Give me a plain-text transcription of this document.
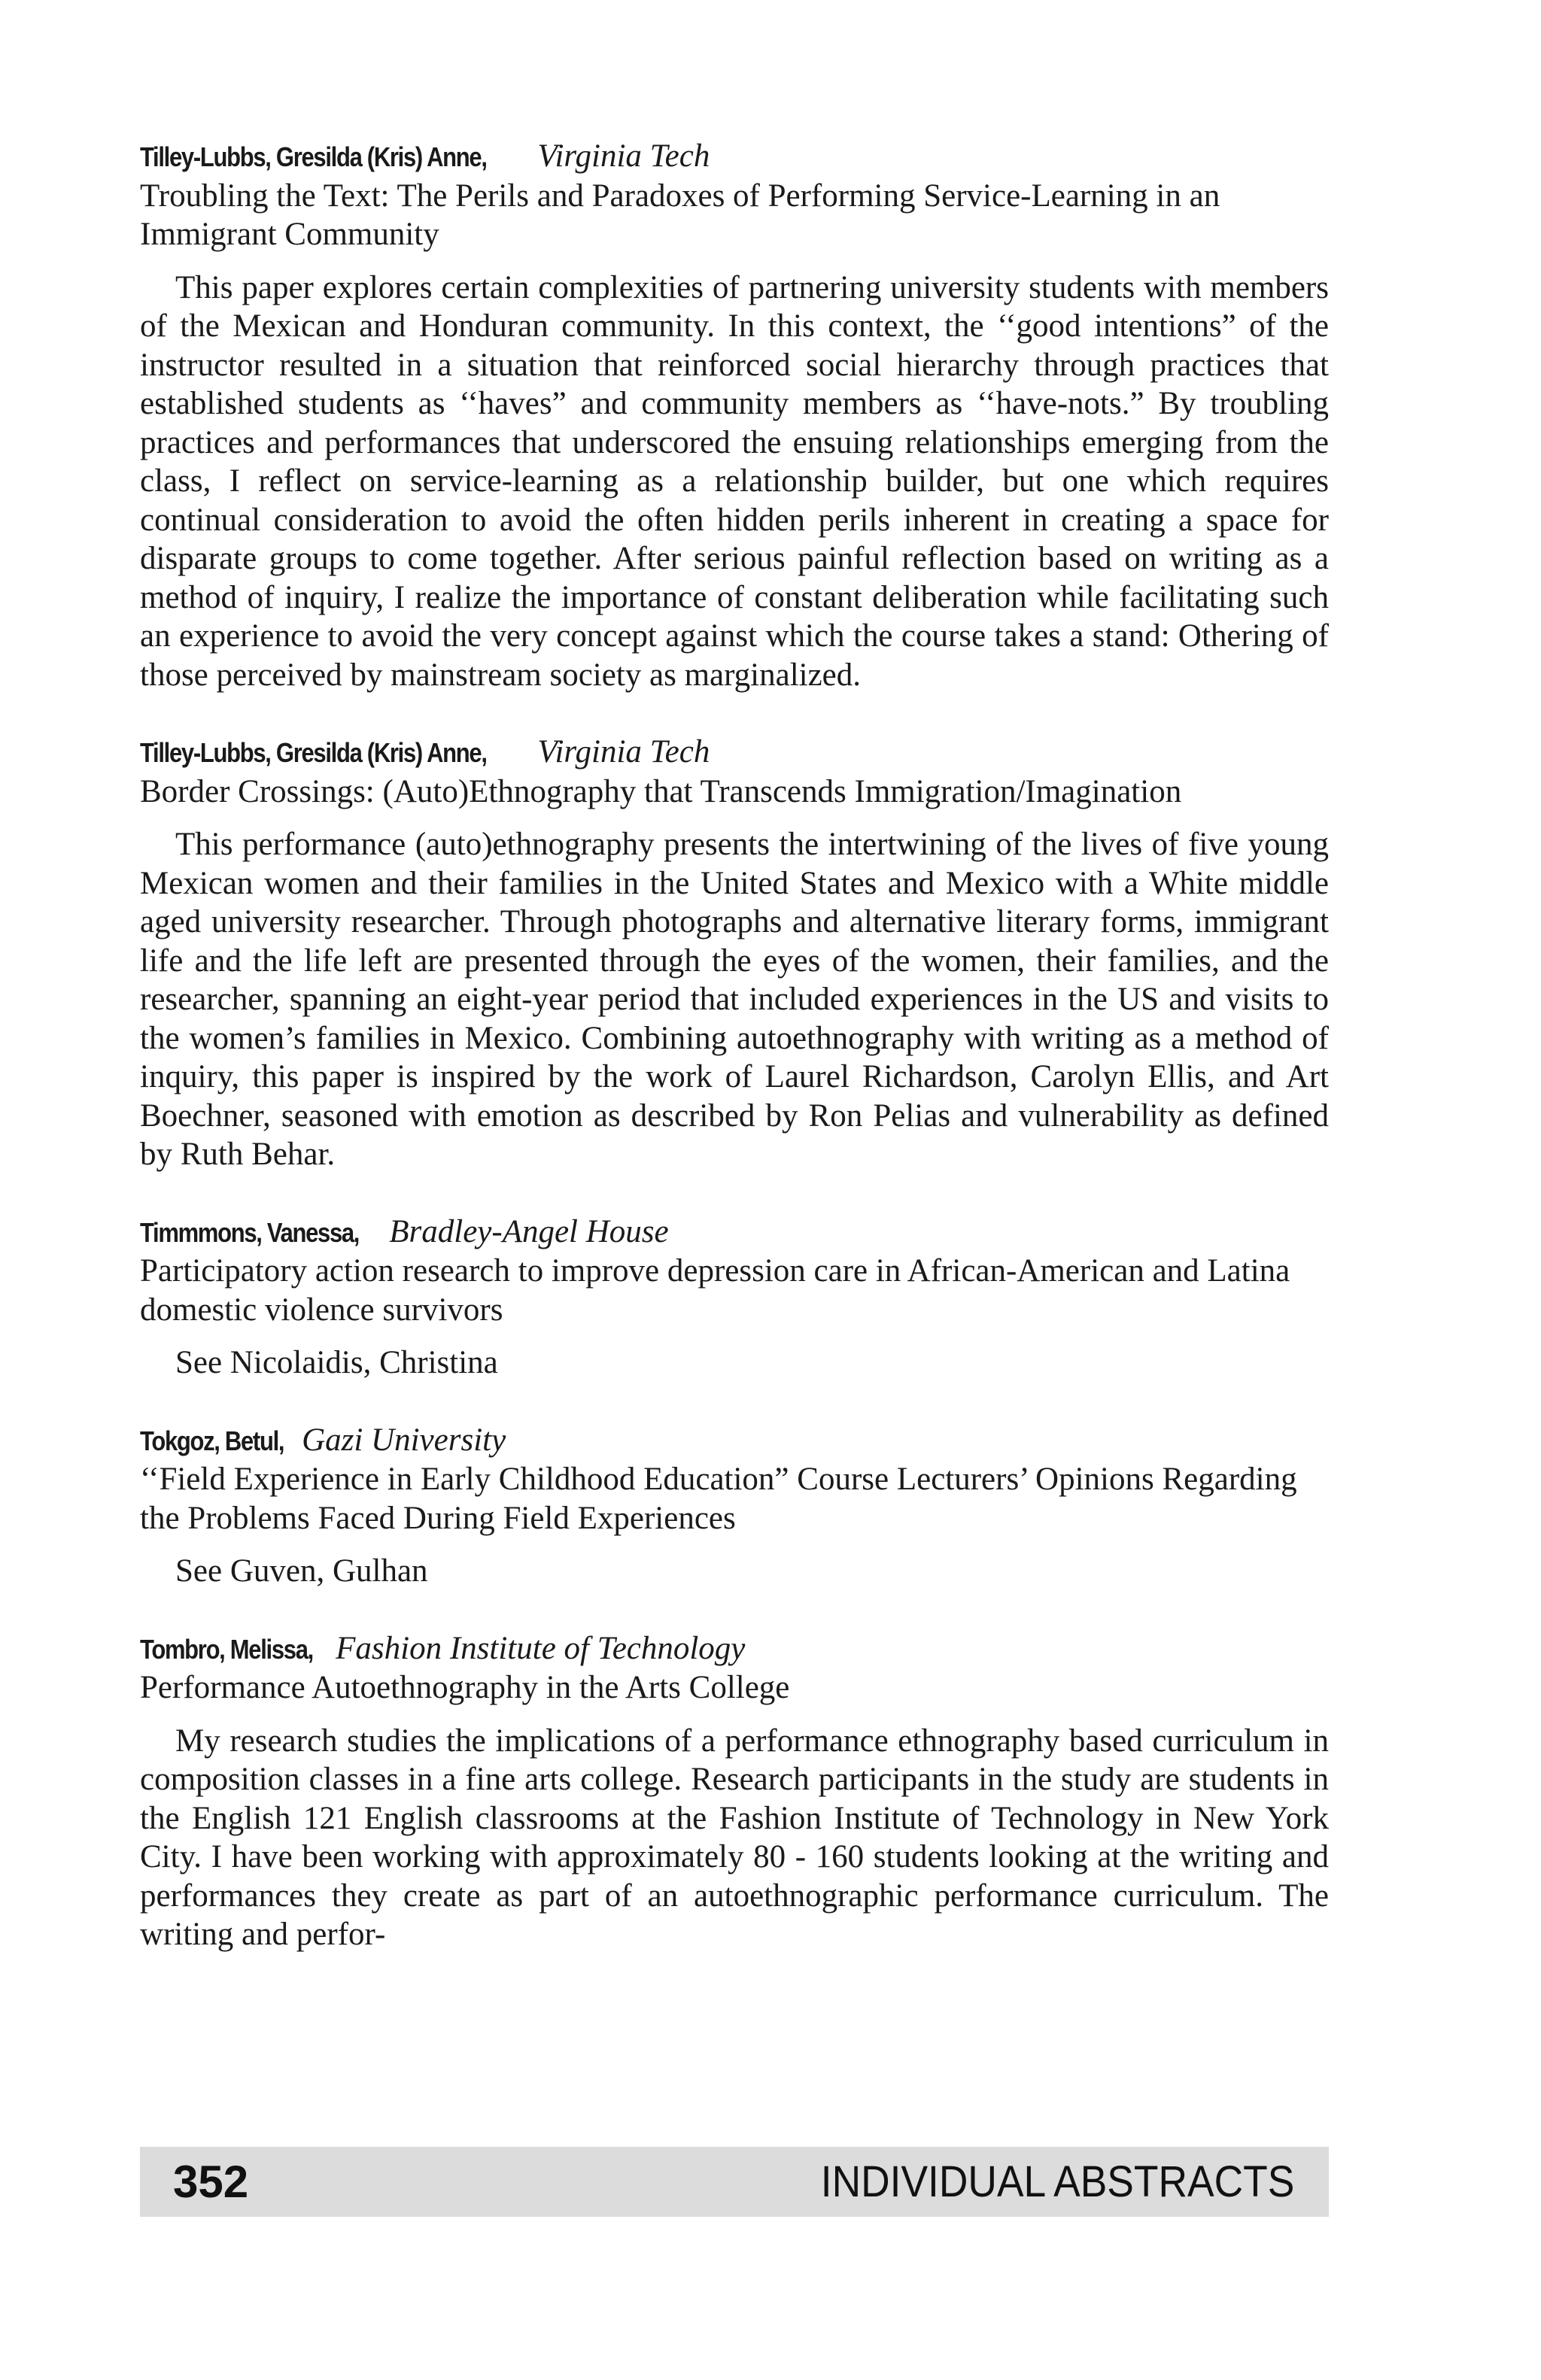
Tilley-Lubbs, Gresilda (Kris) Anne, Virginia Tech

Troubling the Text: The Perils and Paradoxes of Performing Service-Learning in an Immigrant Community

This paper explores certain complexities of partnering university students with members of the Mexican and Honduran community. In this context, the ‘‘good intentions” of the instructor resulted in a situation that reinforced social hierarchy through practices that established students as ‘‘haves” and community members as ‘‘have-nots.” By troubling practices and performances that underscored the ensuing relationships emerging from the class, I reflect on service-learning as a relationship builder, but one which requires continual consideration to avoid the often hidden perils inherent in creating a space for disparate groups to come together. After serious painful reflection based on writing as a method of inquiry, I realize the importance of constant deliberation while facilitating such an experience to avoid the very concept against which the course takes a stand: Othering of those perceived by mainstream society as marginalized.

Tilley-Lubbs, Gresilda (Kris) Anne, Virginia Tech

Border Crossings: (Auto)Ethnography that Transcends Immigration/Imagination

This performance (auto)ethnography presents the intertwining of the lives of five young Mexican women and their families in the United States and Mexico with a White middle aged university researcher. Through photographs and alternative literary forms, immigrant life and the life left are presented through the eyes of the women, their families, and the researcher, spanning an eight-year period that included experiences in the US and visits to the women’s families in Mexico. Combining autoethnography with writing as a method of inquiry, this paper is inspired by the work of Laurel Richardson, Carolyn Ellis, and Art Boechner, seasoned with emotion as described by Ron Pelias and vulnerability as defined by Ruth Behar.

Timmmons, Vanessa, Bradley-Angel House

Participatory action research to improve depression care in African-American and Latina domestic violence survivors

See Nicolaidis, Christina

Tokgoz, Betul, Gazi University

‘‘Field Experience in Early Childhood Education” Course Lecturers’ Opinions Regarding the Problems Faced During Field Experiences

See Guven, Gulhan

Tombro, Melissa, Fashion Institute of Technology

Performance Autoethnography in the Arts College

My research studies the implications of a performance ethnography based curriculum in composition classes in a fine arts college. Research participants in the study are students in the English 121 English classrooms at the Fashion Institute of Technology in New York City. I have been working with approximately 80 - 160 students looking at the writing and performances they create as part of an autoethnographic performance curriculum. The writing and perfor-

352	INDIVIDUAL ABSTRACTS
